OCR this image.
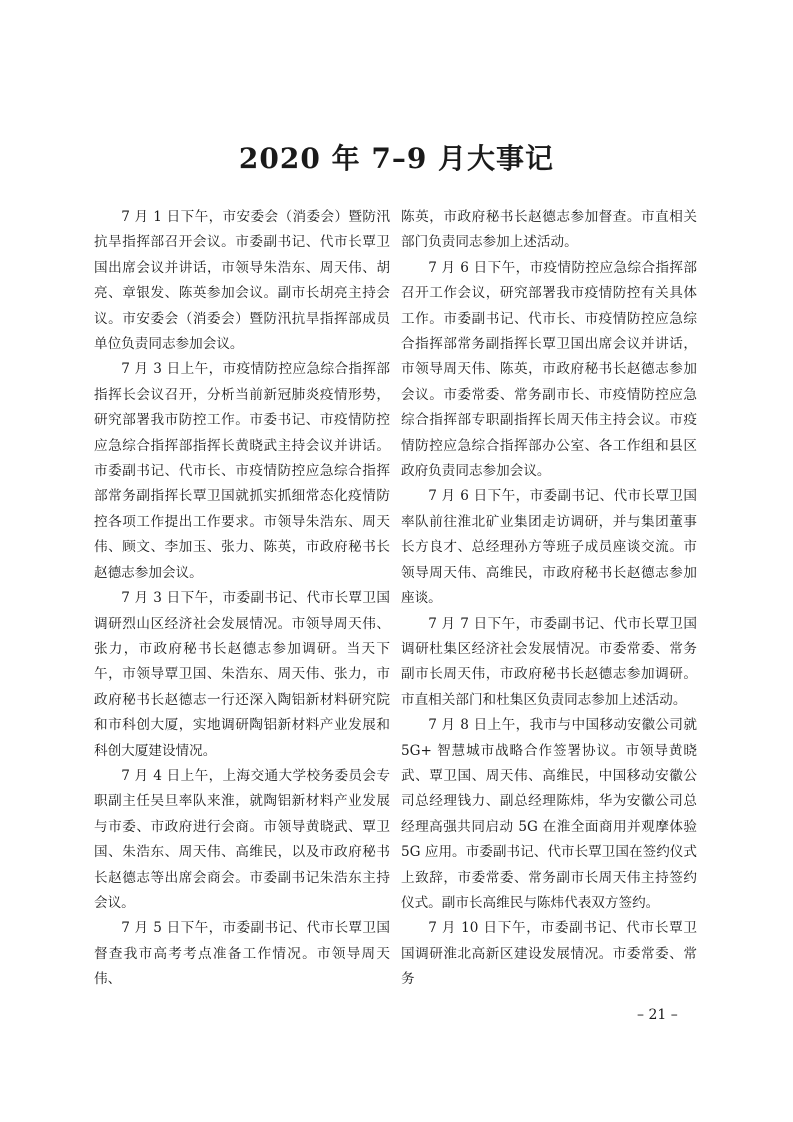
2020 年 7–9 月大事记

7 月 1 日下午，市安委会（消委会）暨防汛抗旱指挥部召开会议。市委副书记、代市长覃卫国出席会议并讲话，市领导朱浩东、周天伟、胡亮、章银发、陈英参加会议。副市长胡亮主持会议。市安委会（消委会）暨防汛抗旱指挥部成员单位负责同志参加会议。

7 月 3 日上午，市疫情防控应急综合指挥部指挥长会议召开，分析当前新冠肺炎疫情形势，研究部署我市防控工作。市委书记、市疫情防控应急综合指挥部指挥长黄晓武主持会议并讲话。市委副书记、代市长、市疫情防控应急综合指挥部常务副指挥长覃卫国就抓实抓细常态化疫情防控各项工作提出工作要求。市领导朱浩东、周天伟、顾文、李加玉、张力、陈英，市政府秘书长赵德志参加会议。

7 月 3 日下午，市委副书记、代市长覃卫国调研烈山区经济社会发展情况。市领导周天伟、张力，市政府秘书长赵德志参加调研。当天下午，市领导覃卫国、朱浩东、周天伟、张力，市政府秘书长赵德志一行还深入陶铝新材料研究院和市科创大厦，实地调研陶铝新材料产业发展和科创大厦建设情况。

7 月 4 日上午，上海交通大学校务委员会专职副主任吴旦率队来淮，就陶铝新材料产业发展与市委、市政府进行会商。市领导黄晓武、覃卫国、朱浩东、周天伟、高维民，以及市政府秘书长赵德志等出席会商会。市委副书记朱浩东主持会议。

7 月 5 日下午，市委副书记、代市长覃卫国督查我市高考考点准备工作情况。市领导周天伟、

陈英，市政府秘书长赵德志参加督查。市直相关部门负责同志参加上述活动。

7 月 6 日下午，市疫情防控应急综合指挥部召开工作会议，研究部署我市疫情防控有关具体工作。市委副书记、代市长、市疫情防控应急综合指挥部常务副指挥长覃卫国出席会议并讲话，市领导周天伟、陈英，市政府秘书长赵德志参加会议。市委常委、常务副市长、市疫情防控应急综合指挥部专职副指挥长周天伟主持会议。市疫情防控应急综合指挥部办公室、各工作组和县区政府负责同志参加会议。

7 月 6 日下午，市委副书记、代市长覃卫国率队前往淮北矿业集团走访调研，并与集团董事长方良才、总经理孙方等班子成员座谈交流。市领导周天伟、高维民，市政府秘书长赵德志参加座谈。

7 月 7 日下午，市委副书记、代市长覃卫国调研杜集区经济社会发展情况。市委常委、常务副市长周天伟，市政府秘书长赵德志参加调研。市直相关部门和杜集区负责同志参加上述活动。

7 月 8 日上午，我市与中国移动安徽公司就 5G+ 智慧城市战略合作签署协议。市领导黄晓武、覃卫国、周天伟、高维民，中国移动安徽公司总经理钱力、副总经理陈炜，华为安徽公司总经理高强共同启动 5G 在淮全面商用并观摩体验 5G 应用。市委副书记、代市长覃卫国在签约仪式上致辞，市委常委、常务副市长周天伟主持签约仪式。副市长高维民与陈炜代表双方签约。

7 月 10 日下午，市委副书记、代市长覃卫国调研淮北高新区建设发展情况。市委常委、常务

– 21 –
